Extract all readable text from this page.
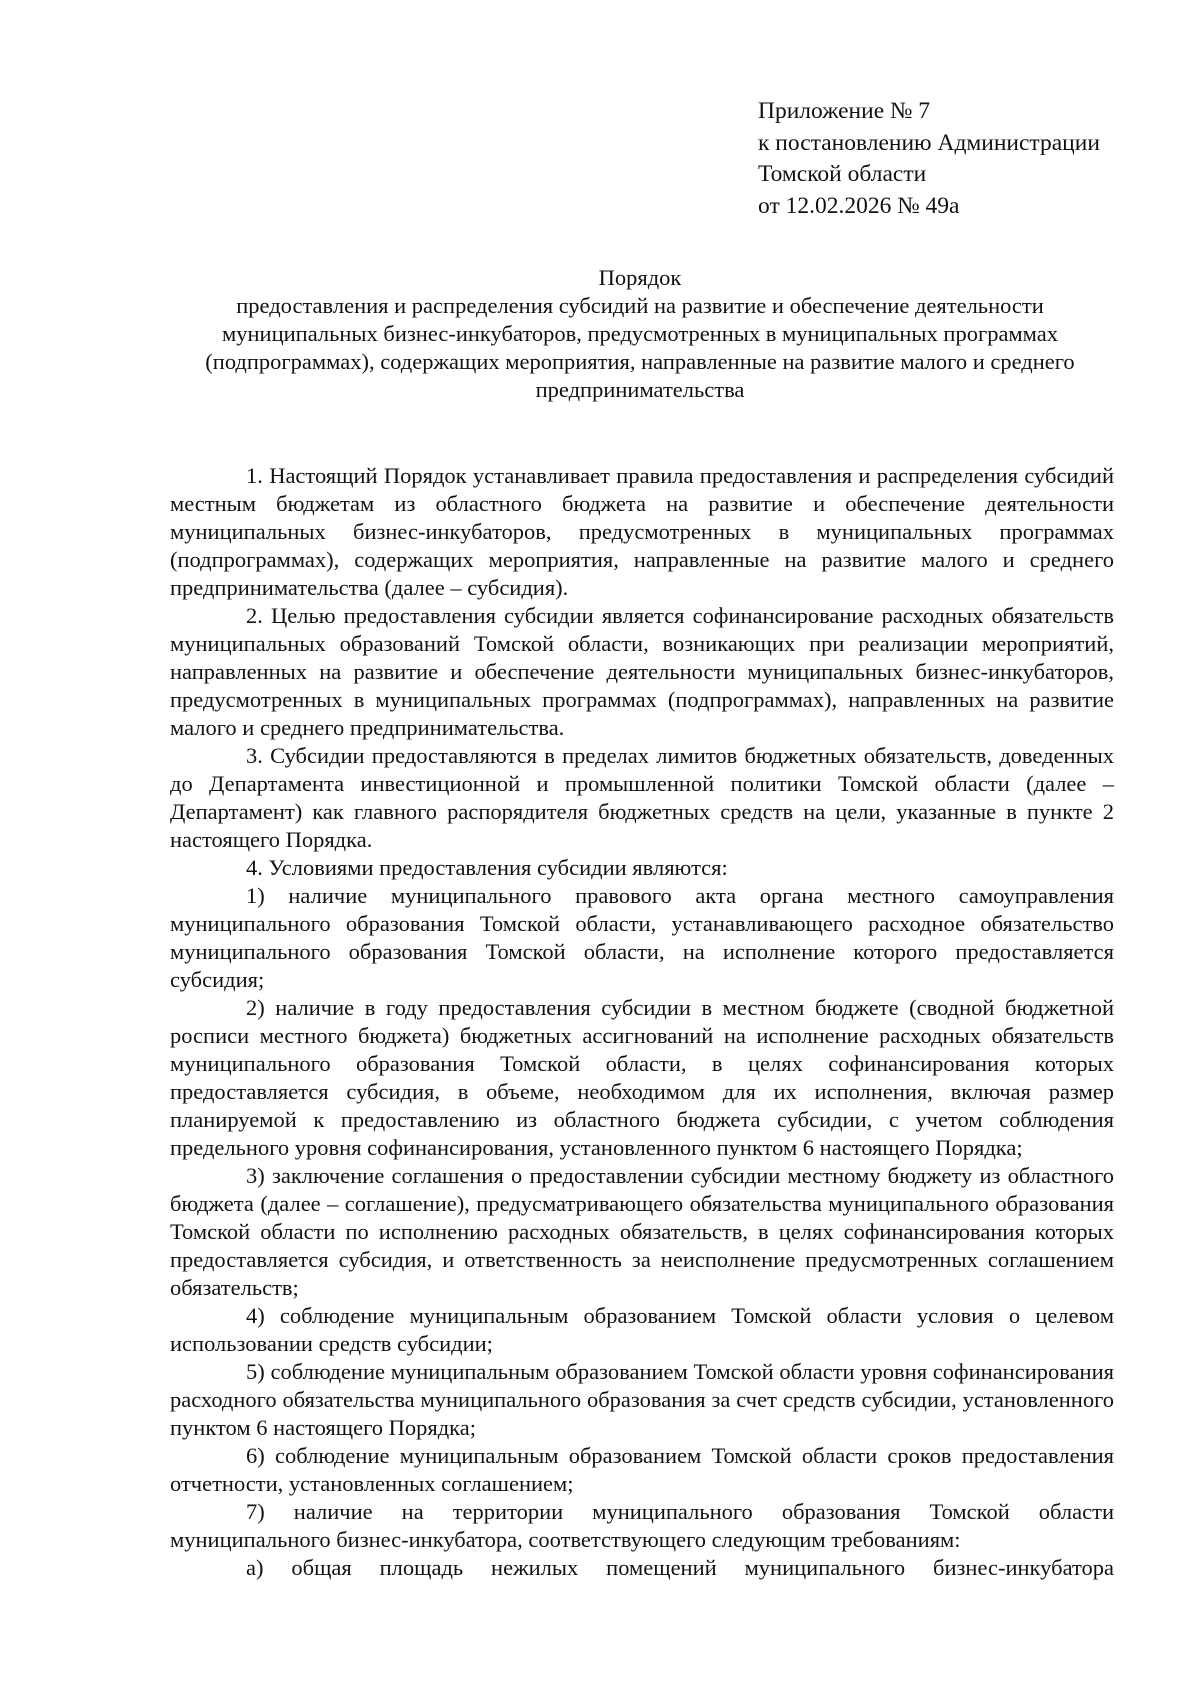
Приложение № 7
к постановлению Администрации
Томской области
от 12.02.2026 № 49а
Порядок
предоставления и распределения субсидий на развитие и обеспечение деятельности муниципальных бизнес-инкубаторов, предусмотренных в муниципальных программах (подпрограммах), содержащих мероприятия, направленные на развитие малого и среднего предпринимательства

1. Настоящий Порядок устанавливает правила предоставления и распределения субсидий местным бюджетам из областного бюджета на развитие и обеспечение деятельности муниципальных бизнес-инкубаторов, предусмотренных в муниципальных программах (подпрограммах), содержащих мероприятия, направленные на развитие малого и среднего предпринимательства (далее – субсидия).

2. Целью предоставления субсидии является софинансирование расходных обязательств муниципальных образований Томской области, возникающих при реализации мероприятий, направленных на развитие и обеспечение деятельности муниципальных бизнес-инкубаторов, предусмотренных в муниципальных программах (подпрограммах), направленных на развитие малого и среднего предпринимательства.

3. Субсидии предоставляются в пределах лимитов бюджетных обязательств, доведенных до Департамента инвестиционной и промышленной политики Томской области (далее – Департамент) как главного распорядителя бюджетных средств на цели, указанные в пункте 2 настоящего Порядка.

4. Условиями предоставления субсидии являются:

1) наличие муниципального правового акта органа местного самоуправления муниципального образования Томской области, устанавливающего расходное обязательство муниципального образования Томской области, на исполнение которого предоставляется субсидия;

2) наличие в году предоставления субсидии в местном бюджете (сводной бюджетной росписи местного бюджета) бюджетных ассигнований на исполнение расходных обязательств муниципального образования Томской области, в целях софинансирования которых предоставляется субсидия, в объеме, необходимом для их исполнения, включая размер планируемой к предоставлению из областного бюджета субсидии, с учетом соблюдения предельного уровня софинансирования, установленного пунктом 6 настоящего Порядка;

3) заключение соглашения о предоставлении субсидии местному бюджету из областного бюджета (далее – соглашение), предусматривающего обязательства муниципального образования Томской области по исполнению расходных обязательств, в целях софинансирования которых предоставляется субсидия, и ответственность за неисполнение предусмотренных соглашением обязательств;

4) соблюдение муниципальным образованием Томской области условия о целевом использовании средств субсидии;

5) соблюдение муниципальным образованием Томской области уровня софинансирования расходного обязательства муниципального образования за счет средств субсидии, установленного пунктом 6 настоящего Порядка;

6) соблюдение муниципальным образованием Томской области сроков предоставления отчетности, установленных соглашением;

7) наличие на территории муниципального образования Томской области муниципального бизнес-инкубатора, соответствующего следующим требованиям:

а) общая площадь нежилых помещений муниципального бизнес-инкубатора
